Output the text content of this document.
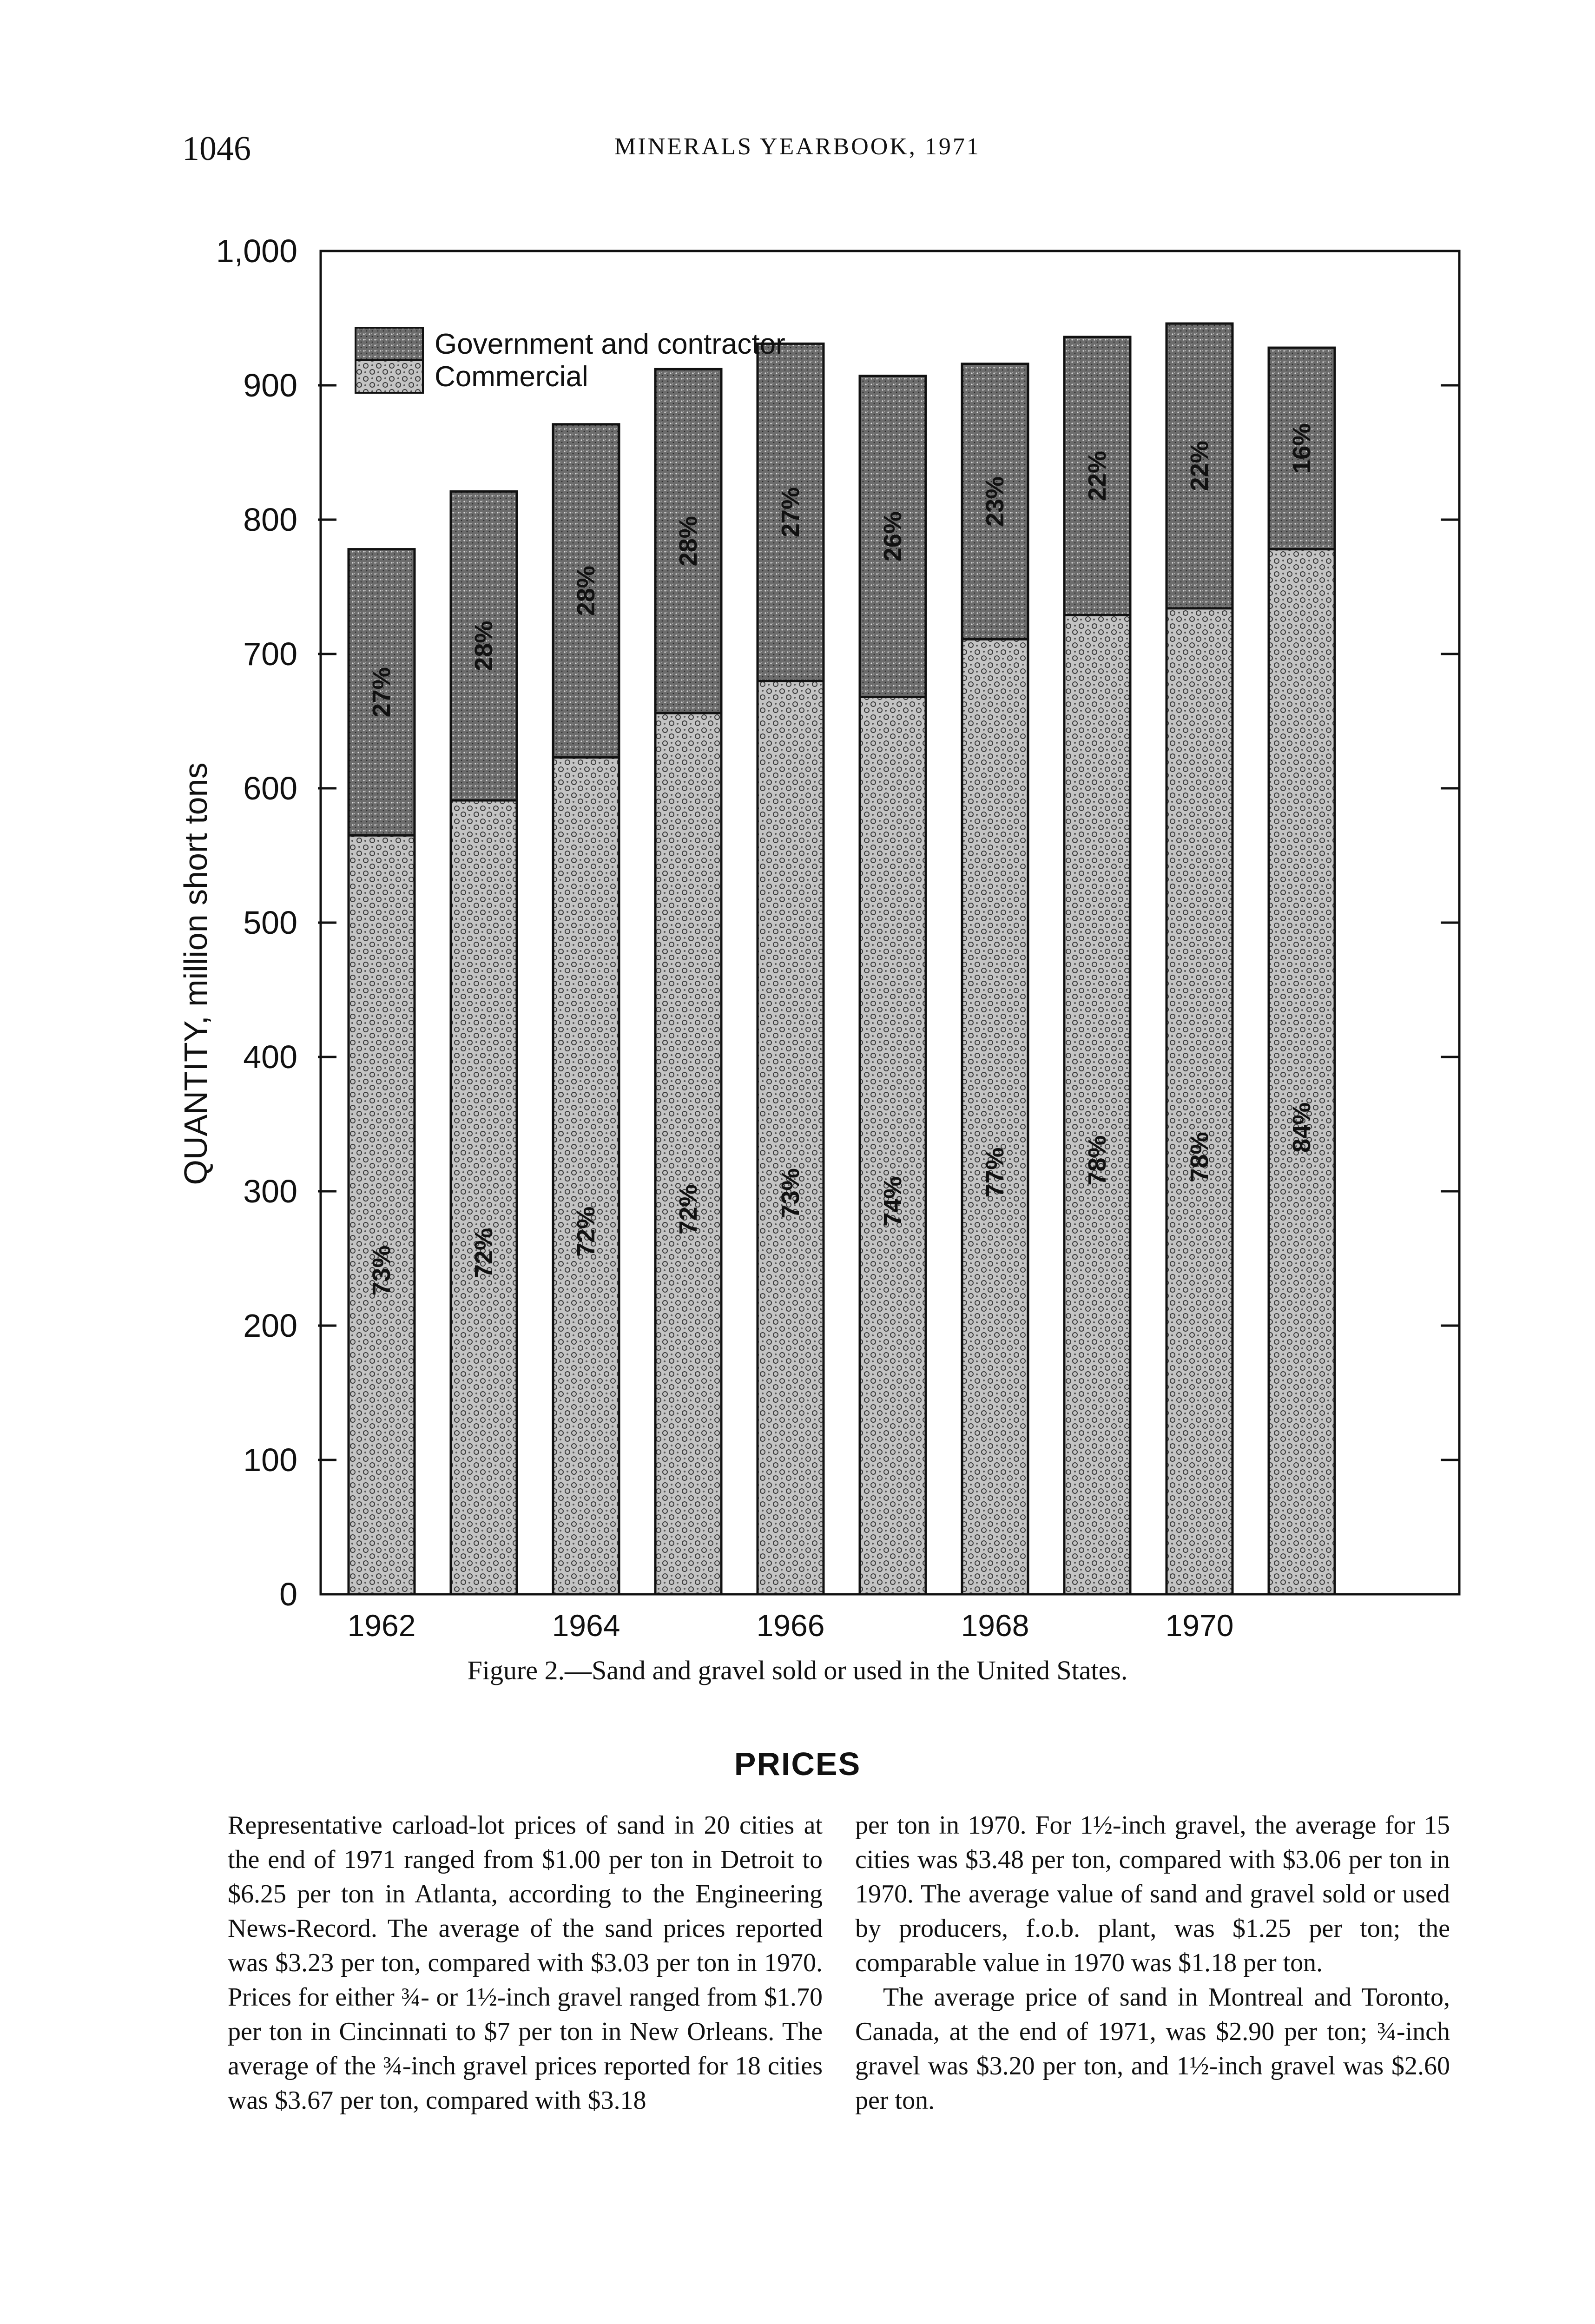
1046	MINERALS YEARBOOK, 1971
0
100
200
300
400
500
600
700
800
900
1,000
QUANTITY, million short tons
27%
73%
28%
72%
28%
72%
28%
72%
27%
73%
26%
74%
23%
77%
22%
78%
22%
78%
16%
84%
1962	1964	1966	1968	1970
Government and contractor
Commercial
Figure 2.—Sand and gravel sold or used in the United States.
PRICES

Representative carload-lot prices of sand in 20 cities at the end of 1971 ranged from $1.00 per ton in Detroit to $6.25 per ton in Atlanta, according to the Engineering News-Record. The average of the sand prices reported was $3.23 per ton, compared with $3.03 per ton in 1970. Prices for either ¾- or 1½-inch gravel ranged from $1.70 per ton in Cincinnati to $7 per ton in New Orleans. The average of the ¾-inch gravel prices reported for 18 cities was $3.67 per ton, compared with $3.18

per ton in 1970. For 1½-inch gravel, the average for 15 cities was $3.48 per ton, compared with $3.06 per ton in 1970. The average value of sand and gravel sold or used by producers, f.o.b. plant, was $1.25 per ton; the comparable value in 1970 was $1.18 per ton.

The average price of sand in Montreal and Toronto, Canada, at the end of 1971, was $2.90 per ton; ¾-inch gravel was $3.20 per ton, and 1½-inch gravel was $2.60 per ton.
